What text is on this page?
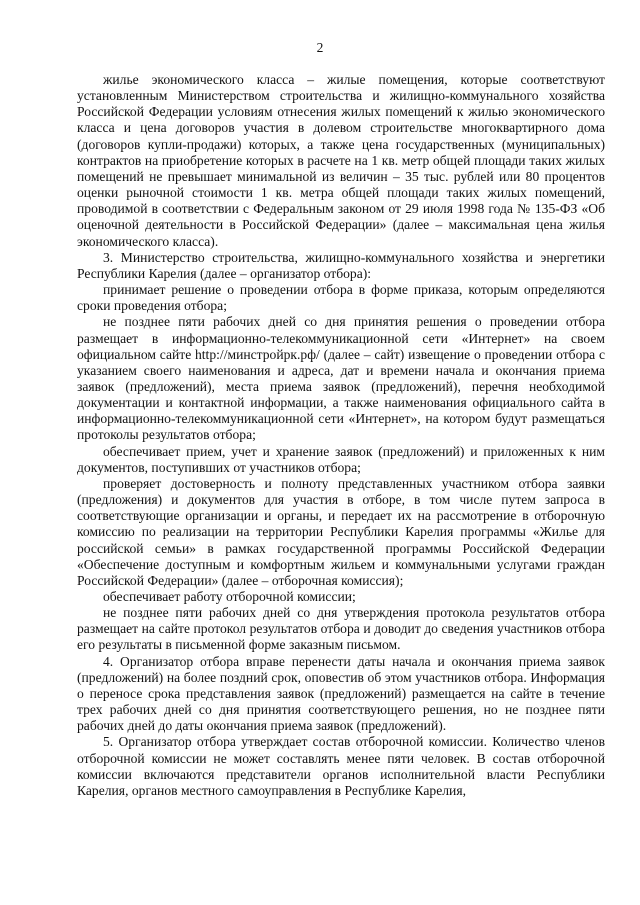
2

жилье экономического класса – жилые помещения, которые соответствуют установленным Министерством строительства и жилищно-коммунального хозяйства Российской Федерации условиям отнесения жилых помещений к жилью экономического класса и цена договоров участия в долевом строительстве многоквартирного дома (договоров купли-продажи) которых, а также цена государственных (муниципальных) контрактов на приобретение которых в расчете на 1 кв. метр общей площади таких жилых помещений не превышает минимальной из величин – 35 тыс. рублей или 80 процентов оценки рыночной стоимости 1 кв. метра общей площади таких жилых помещений, проводимой в соответствии с Федеральным законом от 29 июля 1998 года № 135-ФЗ «Об оценочной деятельности в Российской Федерации» (далее – максимальная цена жилья экономического класса).

3. Министерство строительства, жилищно-коммунального хозяйства и энергетики Республики Карелия (далее – организатор отбора):

принимает решение о проведении отбора в форме приказа, которым определяются сроки проведения отбора;

не позднее пяти рабочих дней со дня принятия решения о проведении отбора размещает в информационно-телекоммуникационной сети «Интернет» на своем официальном сайте http://минстройрк.рф/ (далее – сайт) извещение о проведении отбора с указанием своего наименования и адреса, дат и времени начала и окончания приема заявок (предложений), места приема заявок (предложений), перечня необходимой документации и контактной информации, а также наименования официального сайта в информационно-телекоммуникационной сети «Интернет», на котором будут размещаться протоколы результатов отбора;

обеспечивает прием, учет и хранение заявок (предложений) и приложенных к ним документов, поступивших от участников отбора;

проверяет достоверность и полноту представленных участником отбора заявки (предложения) и документов для участия в отборе, в том числе путем запроса в соответствующие организации и органы, и передает их на рассмотрение в отборочную комиссию по реализации на территории Республики Карелия программы «Жилье для российской семьи» в рамках государственной программы Российской Федерации «Обеспечение доступным и комфортным жильем и коммунальными услугами граждан Российской Федерации» (далее – отборочная комиссия);

обеспечивает работу отборочной комиссии;

не позднее пяти рабочих дней со дня утверждения протокола результатов отбора размещает на сайте протокол результатов отбора и доводит до сведения участников отбора его результаты в письменной форме заказным письмом.

4. Организатор отбора вправе перенести даты начала и окончания приема заявок (предложений) на более поздний срок, оповестив об этом участников отбора. Информация о переносе срока представления заявок (предложений) размещается на сайте в течение трех рабочих дней со дня принятия соответствующего решения, но не позднее пяти рабочих дней до даты окончания приема заявок (предложений).

5. Организатор отбора утверждает состав отборочной комиссии. Количество членов отборочной комиссии не может составлять менее пяти человек. В состав отборочной комиссии включаются представители органов исполнительной власти Республики Карелия, органов местного самоуправления в Республике Карелия,
